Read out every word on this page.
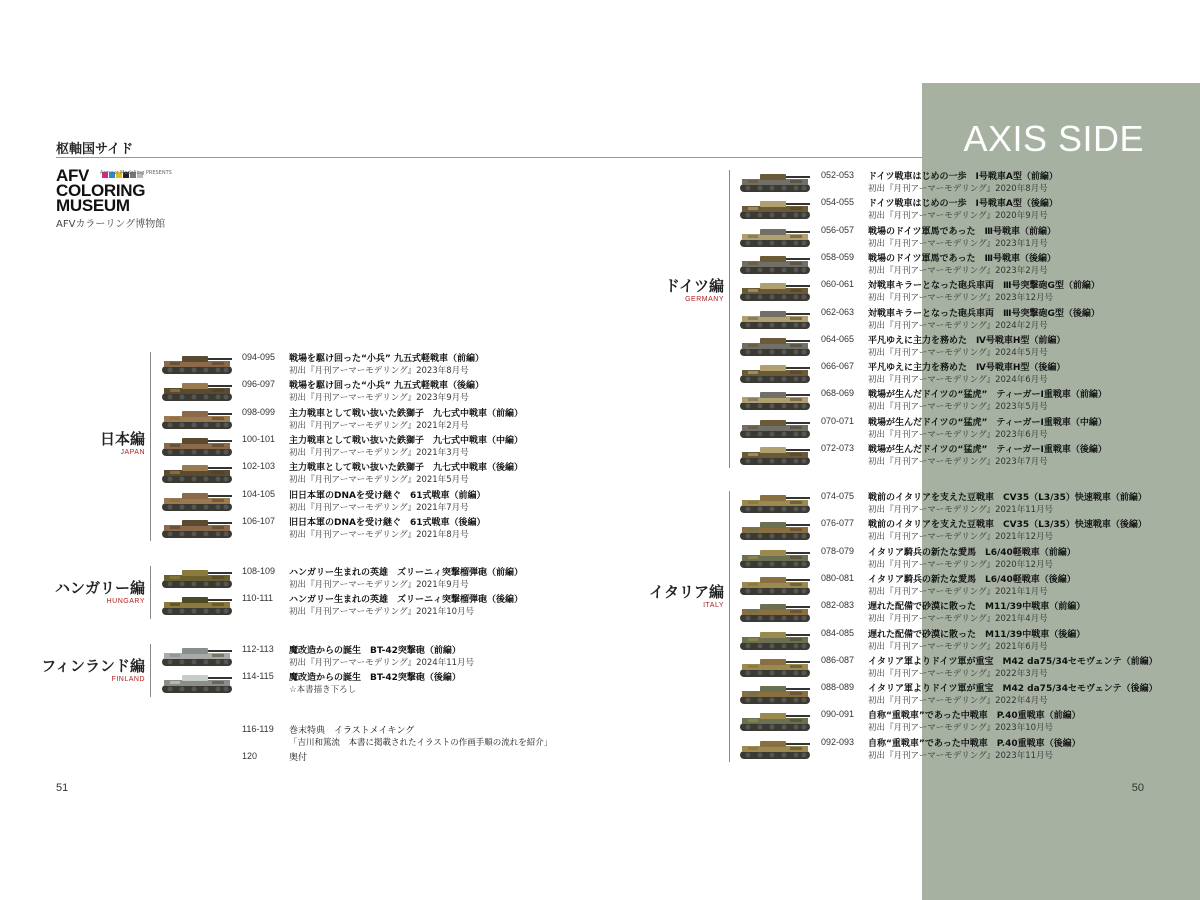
AXIS SIDE
枢軸国サイド
Armour Modelling PRESENTS
AFV
COLORING
MUSEUM
AFVカラーリング博物館
日本編
JAPAN
094-095 戦場を駆け回った“小兵” 九五式軽戦車（前編）
初出『月刊アーマーモデリング』2023年8月号
096-097 戦場を駆け回った“小兵” 九五式軽戦車（後編）
初出『月刊アーマーモデリング』2023年9月号
098-099 主力戦車として戦い抜いた鉄獅子　九七式中戦車（前編）
初出『月刊アーマーモデリング』2021年2月号
100-101 主力戦車として戦い抜いた鉄獅子　九七式中戦車（中編）
初出『月刊アーマーモデリング』2021年3月号
102-103 主力戦車として戦い抜いた鉄獅子　九七式中戦車（後編）
初出『月刊アーマーモデリング』2021年5月号
104-105 旧日本軍のDNAを受け継ぐ　61式戦車（前編）
初出『月刊アーマーモデリング』2021年7月号
106-107 旧日本軍のDNAを受け継ぐ　61式戦車（後編）
初出『月刊アーマーモデリング』2021年8月号
ハンガリー編
HUNGARY
108-109 ハンガリー生まれの英雄　ズリーニィ突撃榴弾砲（前編）
初出『月刊アーマーモデリング』2021年9月号
110-111 ハンガリー生まれの英雄　ズリーニィ突撃榴弾砲（後編）
初出『月刊アーマーモデリング』2021年10月号
フィンランド編
FINLAND
112-113 魔改造からの誕生　BT-42突撃砲（前編）
初出『月刊アーマーモデリング』2024年11月号
114-115 魔改造からの誕生　BT-42突撃砲（後編）
☆本書描き下ろし
ドイツ編
GERMANY
052-053 ドイツ戦車はじめの一歩　Ⅰ号戦車A型（前編）
初出『月刊アーマーモデリング』2020年8月号
054-055 ドイツ戦車はじめの一歩　Ⅰ号戦車A型（後編）
初出『月刊アーマーモデリング』2020年9月号
056-057 戦場のドイツ軍馬であった　Ⅲ号戦車（前編）
初出『月刊アーマーモデリング』2023年1月号
058-059 戦場のドイツ軍馬であった　Ⅲ号戦車（後編）
初出『月刊アーマーモデリング』2023年2月号
060-061 対戦車キラーとなった砲兵車両　Ⅲ号突撃砲G型（前編）
初出『月刊アーマーモデリング』2023年12月号
062-063 対戦車キラーとなった砲兵車両　Ⅲ号突撃砲G型（後編）
初出『月刊アーマーモデリング』2024年2月号
064-065 平凡ゆえに主力を務めた　Ⅳ号戦車H型（前編）
初出『月刊アーマーモデリング』2024年5月号
066-067 平凡ゆえに主力を務めた　Ⅳ号戦車H型（後編）
初出『月刊アーマーモデリング』2024年6月号
068-069 戦場が生んだドイツの“猛虎”　ティーガーⅠ重戦車（前編）
初出『月刊アーマーモデリング』2023年5月号
070-071 戦場が生んだドイツの“猛虎”　ティーガーⅠ重戦車（中編）
初出『月刊アーマーモデリング』2023年6月号
072-073 戦場が生んだドイツの“猛虎”　ティーガーⅠ重戦車（後編）
初出『月刊アーマーモデリング』2023年7月号
イタリア編
ITALY
074-075 戦前のイタリアを支えた豆戦車　CV35（L3/35）快速戦車（前編）
初出『月刊アーマーモデリング』2021年11月号
076-077 戦前のイタリアを支えた豆戦車　CV35（L3/35）快速戦車（後編）
初出『月刊アーマーモデリング』2021年12月号
078-079 イタリア騎兵の新たな愛馬　L6/40軽戦車（前編）
初出『月刊アーマーモデリング』2020年12月号
080-081 イタリア騎兵の新たな愛馬　L6/40軽戦車（後編）
初出『月刊アーマーモデリング』2021年1月号
082-083 遅れた配備で砂漠に散った　M11/39中戦車（前編）
初出『月刊アーマーモデリング』2021年4月号
084-085 遅れた配備で砂漠に散った　M11/39中戦車（後編）
初出『月刊アーマーモデリング』2021年6月号
086-087 イタリア軍よりドイツ軍が重宝　M42 da75/34セモヴェンテ（前編）
初出『月刊アーマーモデリング』2022年3月号
088-089 イタリア軍よりドイツ軍が重宝　M42 da75/34セモヴェンテ（後編）
初出『月刊アーマーモデリング』2022年4月号
090-091 自称“重戦車”であった中戦車　P.40重戦車（前編）
初出『月刊アーマーモデリング』2023年10月号
092-093 自称“重戦車”であった中戦車　P.40重戦車（後編）
初出『月刊アーマーモデリング』2023年11月号
116-119 巻末特典　イラストメイキング
「吉川和篤流　本書に掲載されたイラストの作画手順の流れを紹介」
120	奥付
51	50
